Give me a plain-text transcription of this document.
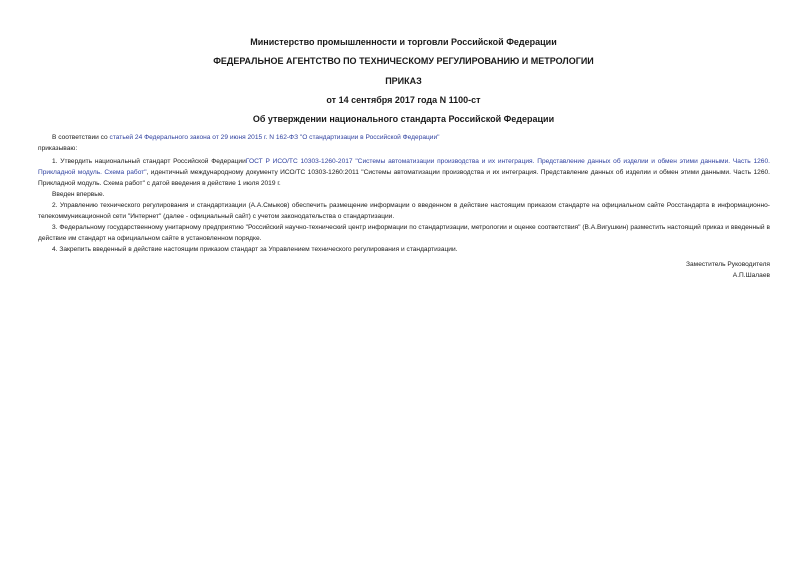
Министерство промышленности и торговли Российской Федерации
ФЕДЕРАЛЬНОЕ АГЕНТСТВО ПО ТЕХНИЧЕСКОМУ РЕГУЛИРОВАНИЮ И МЕТРОЛОГИИ
ПРИКАЗ
от 14 сентября 2017 года N 1100-ст
Об утверждении национального стандарта Российской Федерации

В соответствии со статьей 24 Федерального закона от 29 июня 2015 г. N 162-ФЗ "О стандартизации в Российской Федерации"

приказываю:

1. Утвердить национальный стандарт Российской ФедерацииГОСТ Р ИСО/ТС 10303-1260-2017 "Системы автоматизации производства и их интеграция. Представление данных об изделии и обмен этими данными. Часть 1260. Прикладной модуль. Схема работ", идентичный международному документу ИСО/ТС 10303-1260:2011 "Системы автоматизации производства и их интеграция. Представление данных об изделии и обмен этими данными. Часть 1260. Прикладной модуль. Схема работ" с датой введения в действие 1 июля 2019 г.

Введен впервые.

2. Управлению технического регулирования и стандартизации (А.А.Смыков) обеспечить размещение информации о введенном в действие настоящим приказом стандарте на официальном сайте Росстандарта в информационно-телекоммуникационной сети "Интернет" (далее - официальный сайт) с учетом законодательства о стандартизации.

3. Федеральному государственному унитарному предприятию "Российский научно-технический центр информации по стандартизации, метрологии и оценке соответствия" (В.А.Вигушкин) разместить настоящий приказ и введенный в действие им стандарт на официальном сайте в установленном порядке.

4. Закрепить введенный в действие настоящим приказом стандарт за Управлением технического регулирования и стандартизации.

Заместитель Руководителя

А.П.Шалаев
